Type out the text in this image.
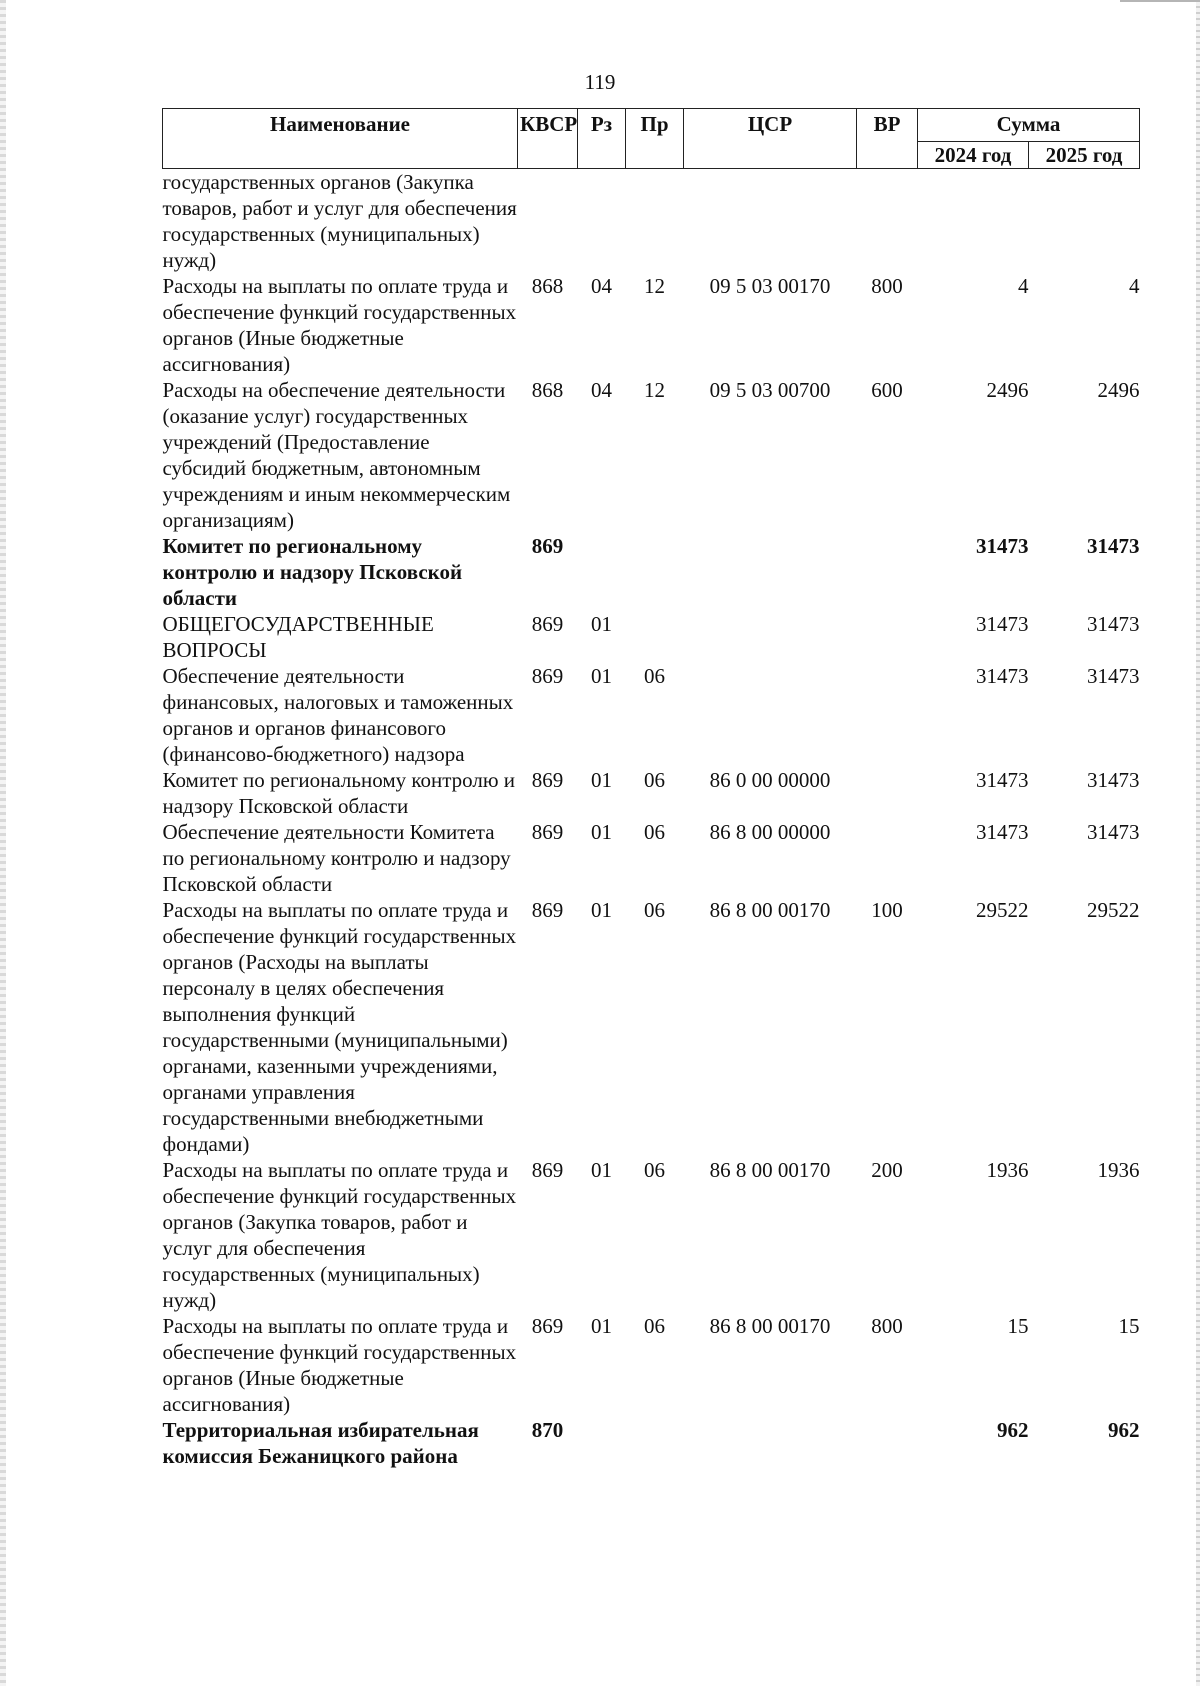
119
Наименование	КВСР	Рз	Пр	ЦСР	ВР	Сумма	
						2024 год	2025 год
государственных органов (Закупка товаров, работ и услуг для обеспечения государственных (муниципальных) нужд)							
Расходы на выплаты по оплате труда и обеспечение функций государственных органов (Иные бюджетные ассигнования)	868	04	12	09 5 03 00170	800	4	4
Расходы на обеспечение деятельности (оказание услуг) государственных учреждений (Предоставление субсидий бюджетным, автономным учреждениям и иным некоммерческим организациям)	868	04	12	09 5 03 00700	600	2496	2496
Комитет по региональному контролю и надзору Псковской области	869					31473	31473
ОБЩЕГОСУДАРСТВЕННЫЕ ВОПРОСЫ	869	01				31473	31473
Обеспечение деятельности финансовых, налоговых и таможенных органов и органов финансового (финансово-бюджетного) надзора	869	01	06			31473	31473
Комитет по региональному контролю и надзору Псковской области	869	01	06	86 0 00 00000		31473	31473
Обеспечение деятельности Комитета по региональному контролю и надзору Псковской области	869	01	06	86 8 00 00000		31473	31473
Расходы на выплаты по оплате труда и обеспечение функций государственных органов (Расходы на выплаты персоналу в целях обеспечения выполнения функций государственными (муниципальными) органами, казенными учреждениями, органами управления государственными внебюджетными фондами)	869	01	06	86 8 00 00170	100	29522	29522
Расходы на выплаты по оплате труда и обеспечение функций государственных органов (Закупка товаров, работ и услуг для обеспечения государственных (муниципальных) нужд)	869	01	06	86 8 00 00170	200	1936	1936
Расходы на выплаты по оплате труда и обеспечение функций государственных органов (Иные бюджетные ассигнования)	869	01	06	86 8 00 00170	800	15	15
Территориальная избирательная комиссия Бежаницкого района	870					962	962
